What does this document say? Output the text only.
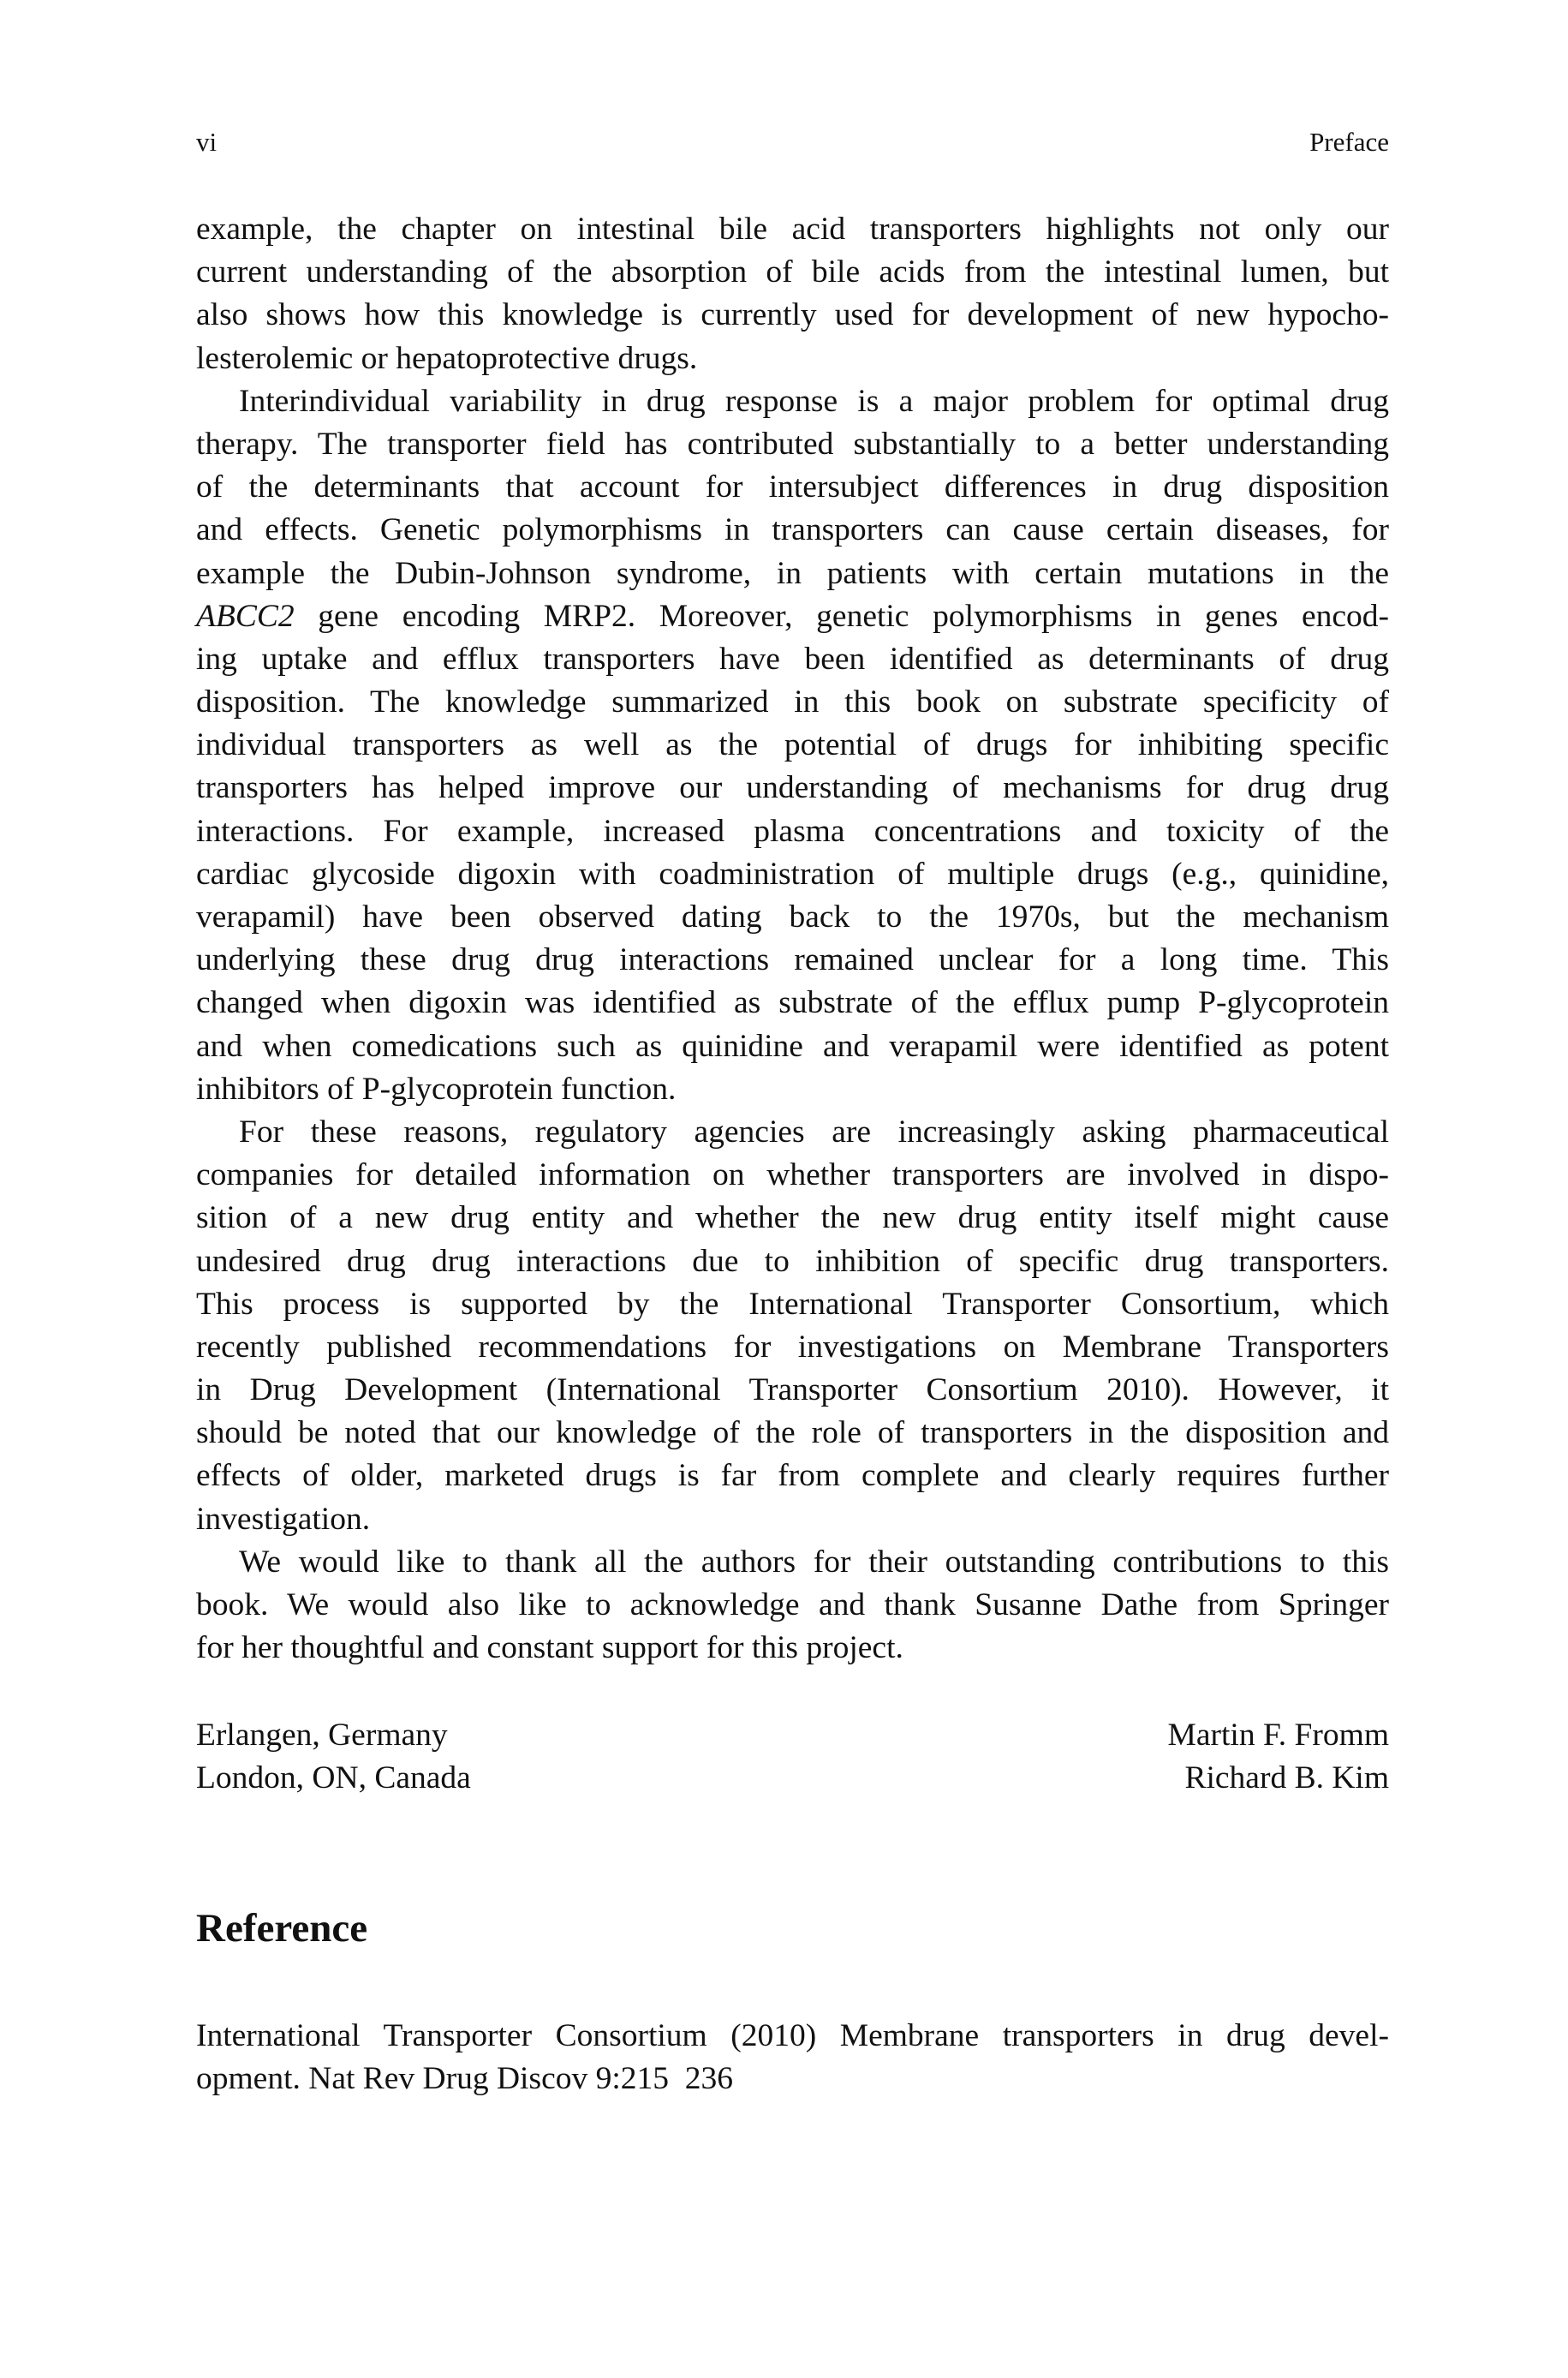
vi	Preface
example, the chapter on intestinal bile acid transporters highlights not only our
current understanding of the absorption of bile acids from the intestinal lumen, but
also shows how this knowledge is currently used for development of new hypocho-
lesterolemic or hepatoprotective drugs.
Interindividual variability in drug response is a major problem for optimal drug
therapy. The transporter field has contributed substantially to a better understanding
of the determinants that account for intersubject differences in drug disposition
and effects. Genetic polymorphisms in transporters can cause certain diseases, for
example the Dubin-Johnson syndrome, in patients with certain mutations in the
ABCC2 gene encoding MRP2. Moreover, genetic polymorphisms in genes encod-
ing uptake and efflux transporters have been identified as determinants of drug
disposition. The knowledge summarized in this book on substrate specificity of
individual transporters as well as the potential of drugs for inhibiting specific
transporters has helped improve our understanding of mechanisms for drug drug
interactions. For example, increased plasma concentrations and toxicity of the
cardiac glycoside digoxin with coadministration of multiple drugs (e.g., quinidine,
verapamil) have been observed dating back to the 1970s, but the mechanism
underlying these drug drug interactions remained unclear for a long time. This
changed when digoxin was identified as substrate of the efflux pump P-glycoprotein
and when comedications such as quinidine and verapamil were identified as potent
inhibitors of P-glycoprotein function.
For these reasons, regulatory agencies are increasingly asking pharmaceutical
companies for detailed information on whether transporters are involved in dispo-
sition of a new drug entity and whether the new drug entity itself might cause
undesired drug drug interactions due to inhibition of specific drug transporters.
This process is supported by the International Transporter Consortium, which
recently published recommendations for investigations on Membrane Transporters
in Drug Development (International Transporter Consortium 2010). However, it
should be noted that our knowledge of the role of transporters in the disposition and
effects of older, marketed drugs is far from complete and clearly requires further
investigation.
We would like to thank all the authors for their outstanding contributions to this
book. We would also like to acknowledge and thank Susanne Dathe from Springer
for her thoughtful and constant support for this project.
Erlangen, Germany
London, ON, Canada
Martin F. Fromm
Richard B. Kim
Reference
International Transporter Consortium (2010) Membrane transporters in drug devel-
opment. Nat Rev Drug Discov 9:215  236
